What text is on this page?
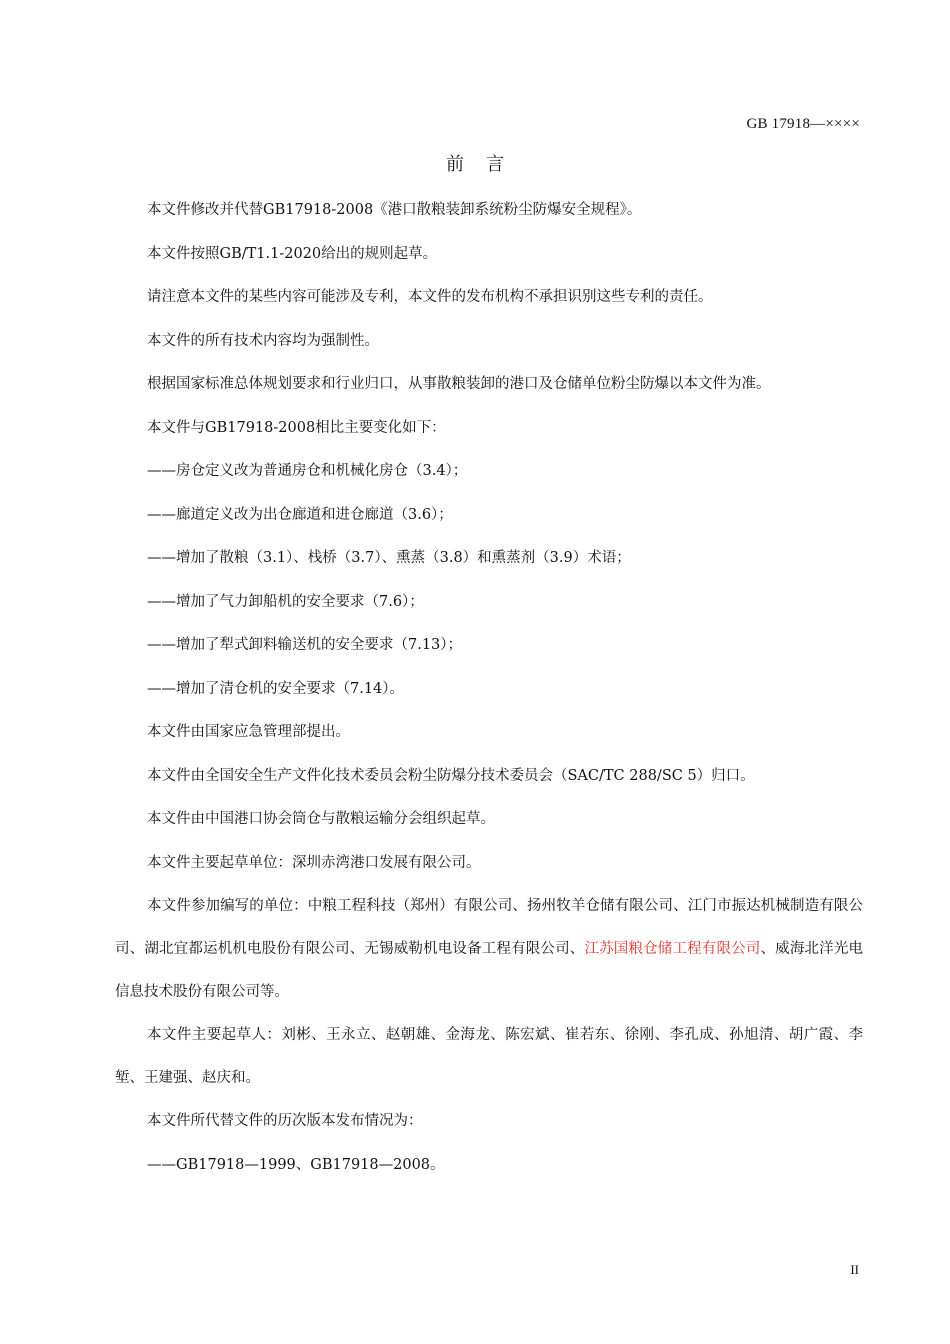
GB 17918—××××
前言

本文件修改并代替GB17918-2008《港口散粮装卸系统粉尘防爆安全规程》。

本文件按照GB/T1.1-2020给出的规则起草。

请注意本文件的某些内容可能涉及专利，本文件的发布机构不承担识别这些专利的责任。

本文件的所有技术内容均为强制性。

根据国家标准总体规划要求和行业归口，从事散粮装卸的港口及仓储单位粉尘防爆以本文件为准。

本文件与GB17918-2008相比主要变化如下：

——房仓定义改为普通房仓和机械化房仓（3.4）；

——廊道定义改为出仓廊道和进仓廊道（3.6）；

——增加了散粮（3.1）、栈桥（3.7）、熏蒸（3.8）和熏蒸剂（3.9）术语；

——增加了气力卸船机的安全要求（7.6）；

——增加了犁式卸料输送机的安全要求（7.13）；

——增加了清仓机的安全要求（7.14）。

本文件由国家应急管理部提出。

本文件由全国安全生产文件化技术委员会粉尘防爆分技术委员会（SAC/TC 288/SC 5）归口。

本文件由中国港口协会筒仓与散粮运输分会组织起草。

本文件主要起草单位：深圳赤湾港口发展有限公司。

本文件参加编写的单位：中粮工程科技（郑州）有限公司、扬州牧羊仓储有限公司、江门市振达机械制造有限公司、湖北宜都运机机电股份有限公司、无锡威勒机电设备工程有限公司、江苏国粮仓储工程有限公司、威海北洋光电信息技术股份有限公司等。

本文件主要起草人：刘彬、王永立、赵朝雄、金海龙、陈宏斌、崔若东、徐刚、李孔成、孙旭清、胡广霞、李堑、王建强、赵庆和。

本文件所代替文件的历次版本发布情况为：

——GB17918—1999、GB17918—2008。

II
